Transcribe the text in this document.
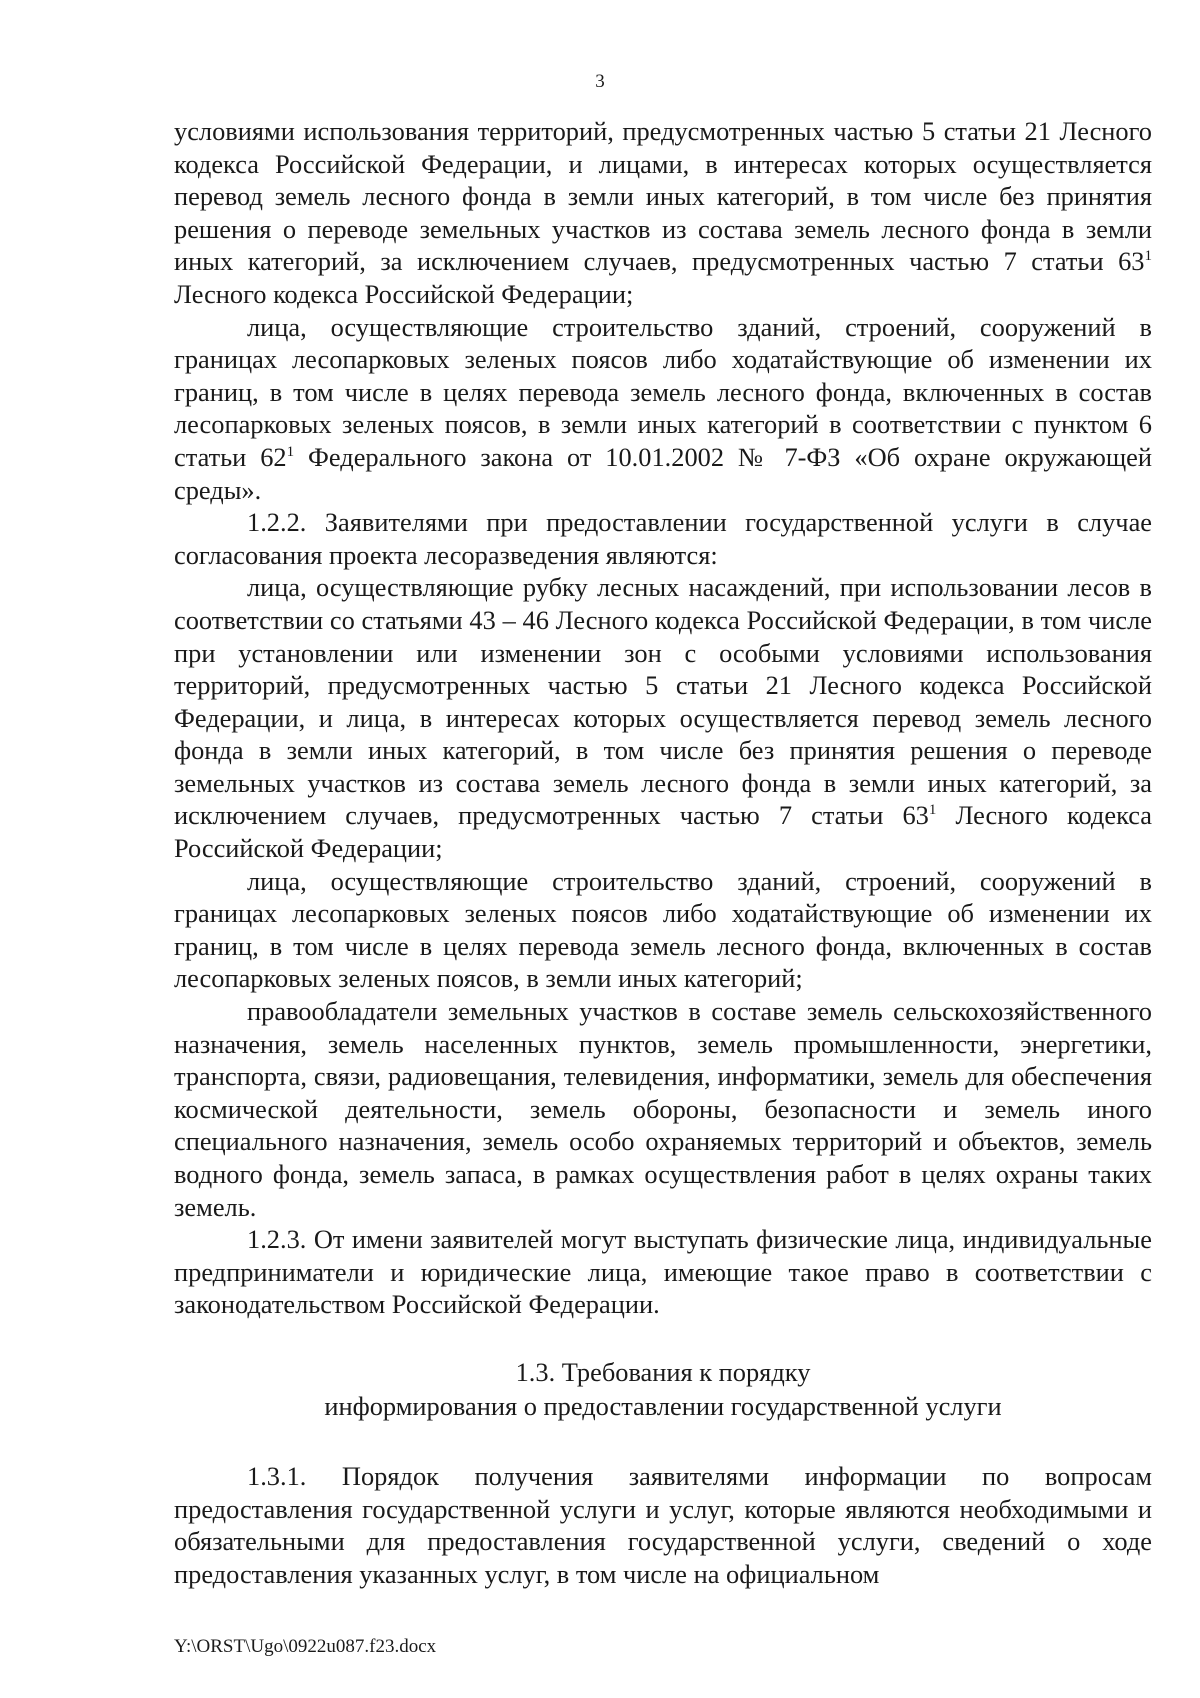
3

условиями использования территорий, предусмотренных частью 5 статьи 21 Лесного кодекса Российской Федерации, и лицами, в интересах которых осуществляется перевод земель лесного фонда в земли иных категорий, в том числе без принятия решения о переводе земельных участков из состава земель лесного фонда в земли иных категорий, за исключением случаев, предусмотренных частью 7 статьи $63^1$ Лесного кодекса Российской Федерации;

лица, осуществляющие строительство зданий, строений, сооружений в границах лесопарковых зеленых поясов либо ходатайствующие об изменении их границ, в том числе в целях перевода земель лесного фонда, включенных в состав лесопарковых зеленых поясов, в земли иных категорий в соответствии с пунктом 6 статьи $62^1$ Федерального закона от 10.01.2002 № 7-ФЗ «Об охране окружающей среды».

1.2.2. Заявителями при предоставлении государственной услуги в случае согласования проекта лесоразведения являются:

лица, осуществляющие рубку лесных насаждений, при использовании лесов в соответствии со статьями 43 – 46 Лесного кодекса Российской Федерации, в том числе при установлении или изменении зон с особыми условиями использования территорий, предусмотренных частью 5 статьи 21 Лесного кодекса Российской Федерации, и лица, в интересах которых осуществляется перевод земель лесного фонда в земли иных категорий, в том числе без принятия решения о переводе земельных участков из состава земель лесного фонда в земли иных категорий, за исключением случаев, предусмотренных частью 7 статьи $63^1$ Лесного кодекса Российской Федерации;

лица, осуществляющие строительство зданий, строений, сооружений в границах лесопарковых зеленых поясов либо ходатайствующие об изменении их границ, в том числе в целях перевода земель лесного фонда, включенных в состав лесопарковых зеленых поясов, в земли иных категорий;

правообладатели земельных участков в составе земель сельскохозяйственного назначения, земель населенных пунктов, земель промышленности, энергетики, транспорта, связи, радиовещания, телевидения, информатики, земель для обеспечения космической деятельности, земель обороны, безопасности и земель иного специального назначения, земель особо охраняемых территорий и объектов, земель водного фонда, земель запаса, в рамках осуществления работ в целях охраны таких земель.

1.2.3. От имени заявителей могут выступать физические лица, индивидуальные предприниматели и юридические лица, имеющие такое право в соответствии с законодательством Российской Федерации.

1.3. Требования к порядку
информирования о предоставлении государственной услуги

1.3.1. Порядок получения заявителями информации по вопросам предоставления государственной услуги и услуг, которые являются необходимыми и обязательными для предоставления государственной услуги, сведений о ходе предоставления указанных услуг, в том числе на официальном

Y:\ORST\Ugo\0922u087.f23.docx
